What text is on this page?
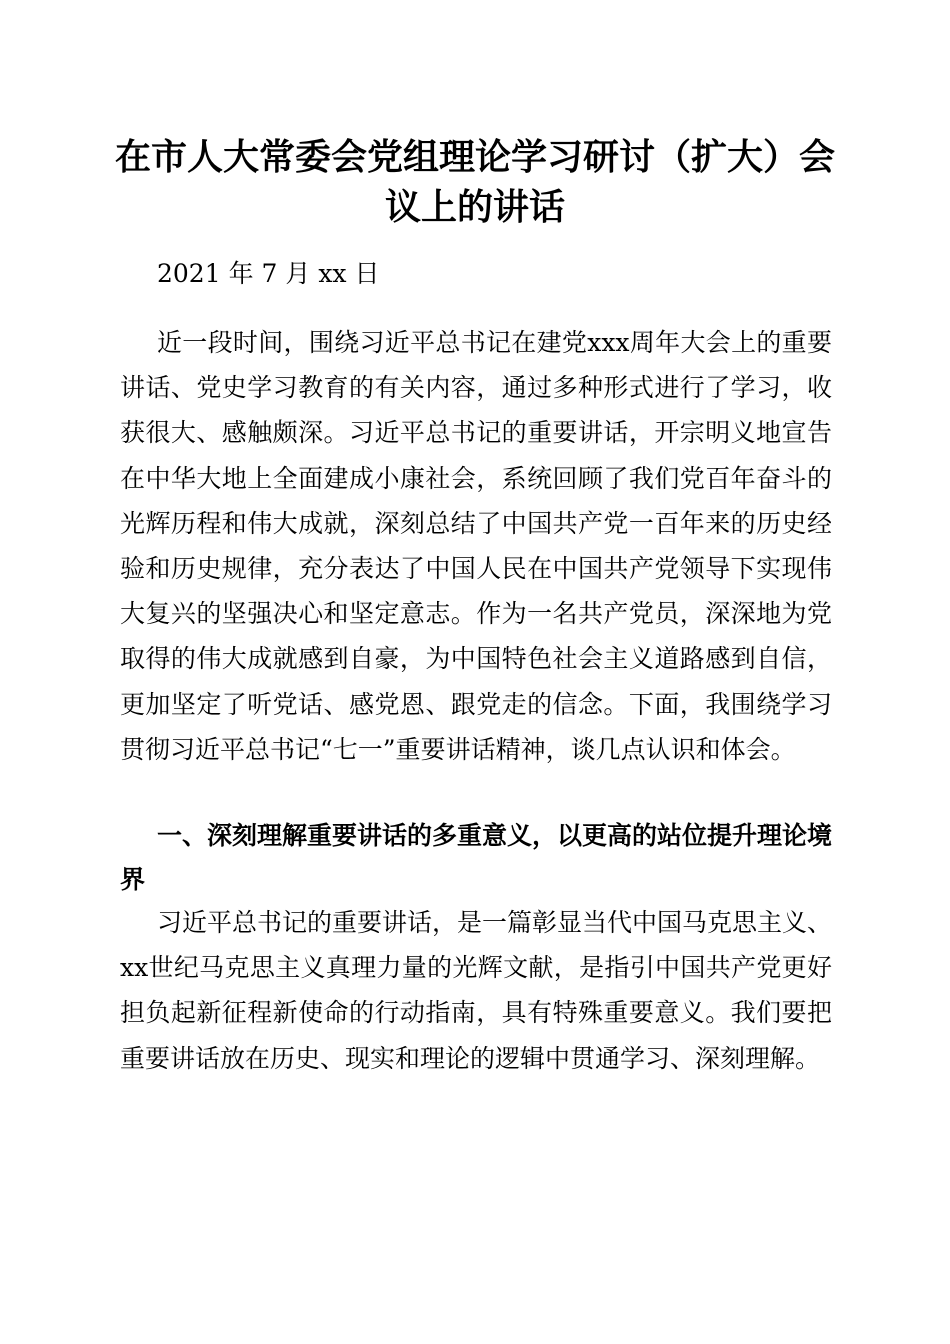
在市人大常委会党组理论学习研讨（扩大）会议上的讲话

2021 年 7 月 xx 日

近一段时间，围绕习近平总书记在建党xxx周年大会上的重要讲话、党史学习教育的有关内容，通过多种形式进行了学习，收获很大、感触颇深。习近平总书记的重要讲话，开宗明义地宣告在中华大地上全面建成小康社会，系统回顾了我们党百年奋斗的光辉历程和伟大成就，深刻总结了中国共产党一百年来的历史经验和历史规律，充分表达了中国人民在中国共产党领导下实现伟大复兴的坚强决心和坚定意志。作为一名共产党员，深深地为党取得的伟大成就感到自豪，为中国特色社会主义道路感到自信，更加坚定了听党话、感党恩、跟党走的信念。下面，我围绕学习贯彻习近平总书记“七一”重要讲话精神，谈几点认识和体会。

一、深刻理解重要讲话的多重意义，以更高的站位提升理论境界

习近平总书记的重要讲话，是一篇彰显当代中国马克思主义、xx世纪马克思主义真理力量的光辉文献，是指引中国共产党更好担负起新征程新使命的行动指南，具有特殊重要意义。我们要把重要讲话放在历史、现实和理论的逻辑中贯通学习、深刻理解。
